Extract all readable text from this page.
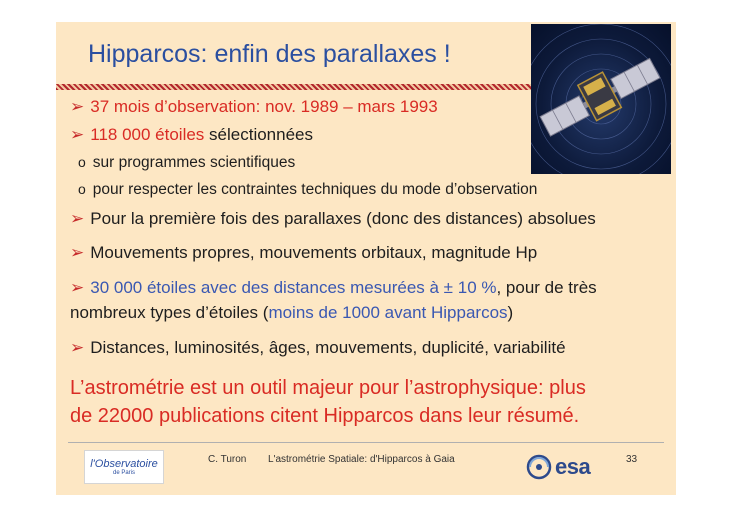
Hipparcos: enfin des parallaxes !
➢ 37 mois d’observation: nov. 1989 – mars 1993
➢ 118 000 étoiles sélectionnées
o sur programmes scientifiques
o pour respecter les contraintes techniques du mode d’observation
➢ Pour la première fois des parallaxes (donc des distances) absolues
➢ Mouvements propres, mouvements orbitaux, magnitude Hp
➢ 30 000 étoiles avec des distances mesurées à ± 10 %, pour de très
nombreux types d’étoiles (moins de 1000 avant Hipparcos)
➢ Distances, luminosités, âges, mouvements, duplicité, variabilité
L’astrométrie est un outil majeur pour l’astrophysique: plus
de 22000 publications citent Hipparcos dans leur résumé.
l'Observatoire
de Paris
C. Turon L'astrométrie Spatiale: d'Hipparcos à Gaia	esa	33
